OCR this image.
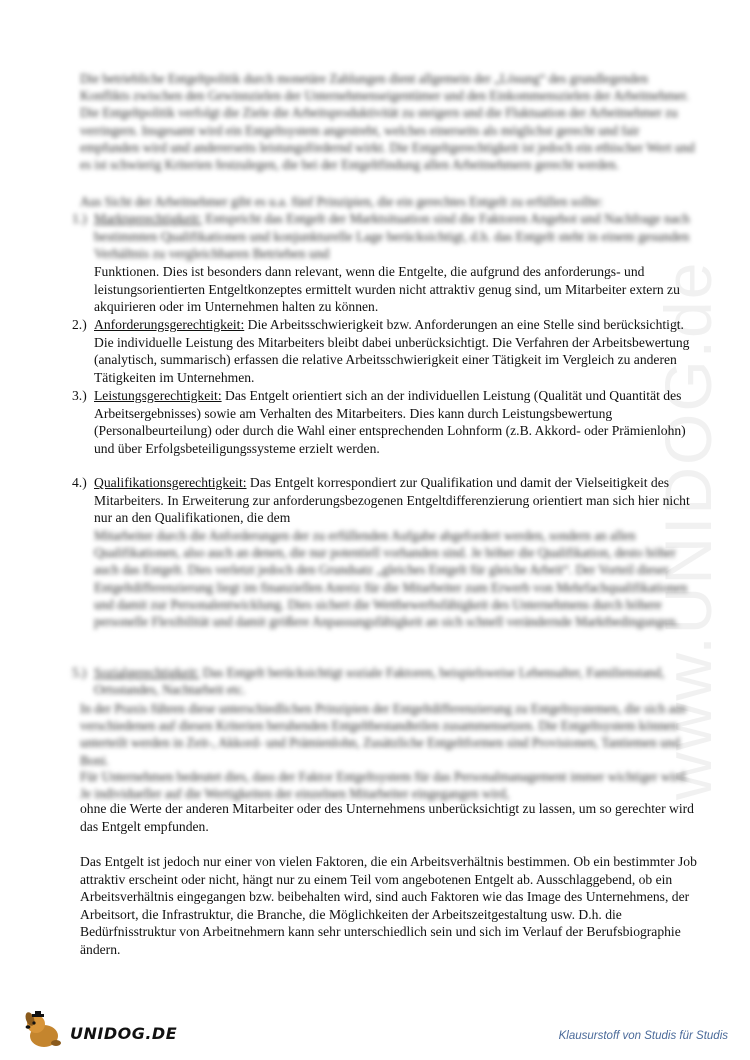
www.UNIDOG.de
Die betriebliche Entgeltpolitik durch monetäre Zahlungen dient allgemein der „Lösung“ des grundlegenden Konflikts zwischen den Gewinnzielen der Unternehmenseigentümer und den Einkommenszielen der Arbeitnehmer. Die Entgeltpolitik verfolgt die Ziele die Arbeitsproduktivität zu steigern und die Fluktuation der Arbeitnehmer zu verringern. Insgesamt wird ein Entgeltsystem angestrebt, welches einerseits als möglichst gerecht und fair empfunden wird und andererseits leistungsfördernd wirkt. Die Entgeltgerechtigkeit ist jedoch ein ethischer Wert und es ist schwierig Kriterien festzulegen, die bei der Entgeltfindung allen Arbeitnehmern gerecht werden.
Aus Sicht der Arbeitnehmer gibt es u.a. fünf Prinzipien, die ein gerechtes Entgelt zu erfüllen sollte:
1.) Marktgerechtigkeit: Entspricht das Entgelt der Marktsituation sind die Faktoren Angebot und Nachfrage nach bestimmten Qualifikationen und konjunkturelle Lage berücksichtigt, d.h. das Entgelt steht in einem gesunden Verhältnis zu vergleichbaren Betrieben und
Funktionen. Dies ist besonders dann relevant, wenn die Entgelte, die aufgrund des anforderungs- und leistungsorientierten Entgeltkonzeptes ermittelt wurden nicht attraktiv genug sind, um Mitarbeiter extern zu akquirieren oder im Unternehmen halten zu können.
2.) Anforderungsgerechtigkeit: Die Arbeitsschwierigkeit bzw. Anforderungen an eine Stelle sind berücksichtigt. Die individuelle Leistung des Mitarbeiters bleibt dabei unberücksichtigt. Die Verfahren der Arbeitsbewertung (analytisch, summarisch) erfassen die relative Arbeitsschwierigkeit einer Tätigkeit im Vergleich zu anderen Tätigkeiten im Unternehmen.
3.) Leistungsgerechtigkeit: Das Entgelt orientiert sich an der individuellen Leistung (Qualität und Quantität des Arbeitsergebnisses) sowie am Verhalten des Mitarbeiters. Dies kann durch Leistungsbewertung (Personalbeurteilung) oder durch die Wahl einer entsprechenden Lohnform (z.B. Akkord- oder Prämienlohn) und über Erfolgsbeteiligungssysteme erzielt werden.
4.) Qualifikationsgerechtigkeit: Das Entgelt korrespondiert zur Qualifikation und damit der Vielseitigkeit des Mitarbeiters. In Erweiterung zur anforderungsbezogenen Entgeltdifferenzierung orientiert man sich hier nicht nur an den Qualifikationen, die dem
Mitarbeiter durch die Anforderungen der zu erfüllenden Aufgabe abgefordert werden, sondern an allen Qualifikationen, also auch an denen, die nur potentiell vorhanden sind. Je höher die Qualifikation, desto höher auch das Entgelt. Dies verletzt jedoch den Grundsatz „gleiches Entgelt für gleiche Arbeit“. Der Vorteil dieser Entgeltdifferenzierung liegt im finanziellen Anreiz für die Mitarbeiter zum Erwerb von Mehrfachqualifikationen und damit zur Personalentwicklung. Dies sichert die Wettbewerbsfähigkeit des Unternehmens durch höhere personelle Flexibilität und damit größere Anpassungsfähigkeit an sich schnell verändernde Marktbedingungen.
5.) Sozialgerechtigkeit: Das Entgelt berücksichtigt soziale Faktoren, beispielsweise Lebensalter, Familienstand, Ortsstandes, Nachtarbeit etc.
In der Praxis führen diese unterschiedlichen Prinzipien der Entgeltdifferenzierung zu Entgeltsystemen, die sich aus verschiedenen auf diesen Kriterien beruhenden Entgeltbestandteilen zusammensetzen. Die Entgeltsystem können unterteilt werden in Zeit-, Akkord- und Prämienlohn, Zusätzliche Entgeltformen sind Provisionen, Tantiemen und Boni.
Für Unternehmen bedeutet dies, dass der Faktor Entgeltsystem für das Personalmanagement immer wichtiger wird. Je individueller auf die Wertigkeiten der einzelnen Mitarbeiter eingegangen wird,
ohne die Werte der anderen Mitarbeiter oder des Unternehmens unberücksichtigt zu lassen, um so gerechter wird das Entgelt empfunden.
Das Entgelt ist jedoch nur einer von vielen Faktoren, die ein Arbeitsverhältnis bestimmen. Ob ein bestimmter Job attraktiv erscheint oder nicht, hängt nur zu einem Teil vom angebotenen Entgelt ab. Ausschlaggebend, ob ein Arbeitsverhältnis eingegangen bzw. beibehalten wird, sind auch Faktoren wie das Image des Unternehmens, der Arbeitsort, die Infrastruktur, die Branche, die Möglichkeiten der Arbeitszeitgestaltung usw. D.h. die Bedürfnisstruktur von Arbeitnehmern kann sehr unterschiedlich sein und sich im Verlauf der Berufsbiographie ändern.
UNIDOG.DE	Klausurstoff von Studis für Studis
